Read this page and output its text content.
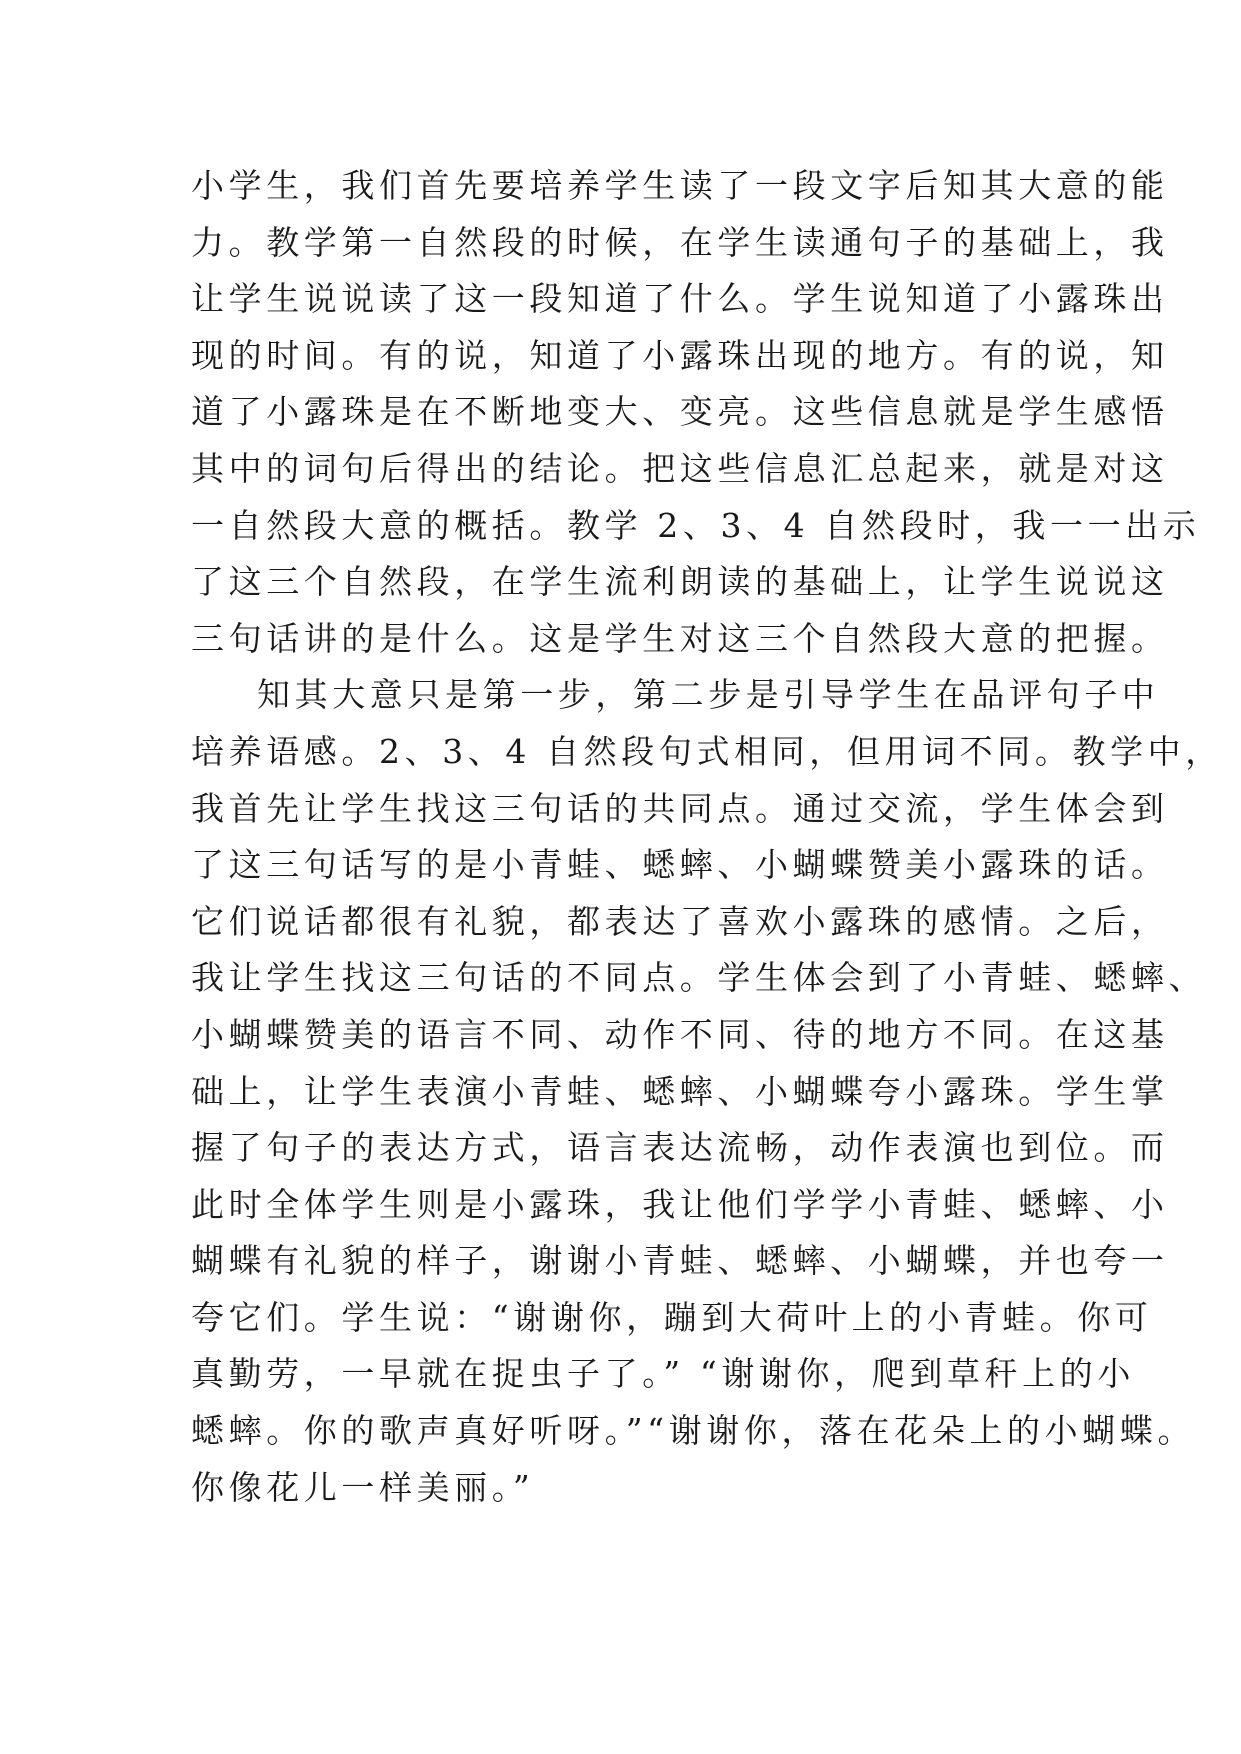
小学生，我们首先要培养学生读了一段文字后知其大意的能
力。教学第一自然段的时候，在学生读通句子的基础上，我
让学生说说读了这一段知道了什么。学生说知道了小露珠出
现的时间。有的说，知道了小露珠出现的地方。有的说，知
道了小露珠是在不断地变大、变亮。这些信息就是学生感悟
其中的词句后得出的结论。把这些信息汇总起来，就是对这
一自然段大意的概括。教学 2、3、4 自然段时，我一一出示
了这三个自然段，在学生流利朗读的基础上，让学生说说这
三句话讲的是什么。这是学生对这三个自然段大意的把握。
知其大意只是第一步，第二步是引导学生在品评句子中
培养语感。2、3、4 自然段句式相同，但用词不同。教学中，
我首先让学生找这三句话的共同点。通过交流，学生体会到
了这三句话写的是小青蛙、蟋蟀、小蝴蝶赞美小露珠的话。
它们说话都很有礼貌，都表达了喜欢小露珠的感情。之后，
我让学生找这三句话的不同点。学生体会到了小青蛙、蟋蟀、
小蝴蝶赞美的语言不同、动作不同、待的地方不同。在这基
础上，让学生表演小青蛙、蟋蟀、小蝴蝶夸小露珠。学生掌
握了句子的表达方式，语言表达流畅，动作表演也到位。而
此时全体学生则是小露珠，我让他们学学小青蛙、蟋蟀、小
蝴蝶有礼貌的样子，谢谢小青蛙、蟋蟀、小蝴蝶，并也夸一
夸它们。学生说：“谢谢你，蹦到大荷叶上的小青蛙。你可
真勤劳，一早就在捉虫子了。” “谢谢你，爬到草秆上的小
蟋蟀。你的歌声真好听呀。”“谢谢你，落在花朵上的小蝴蝶。
你像花儿一样美丽。”
